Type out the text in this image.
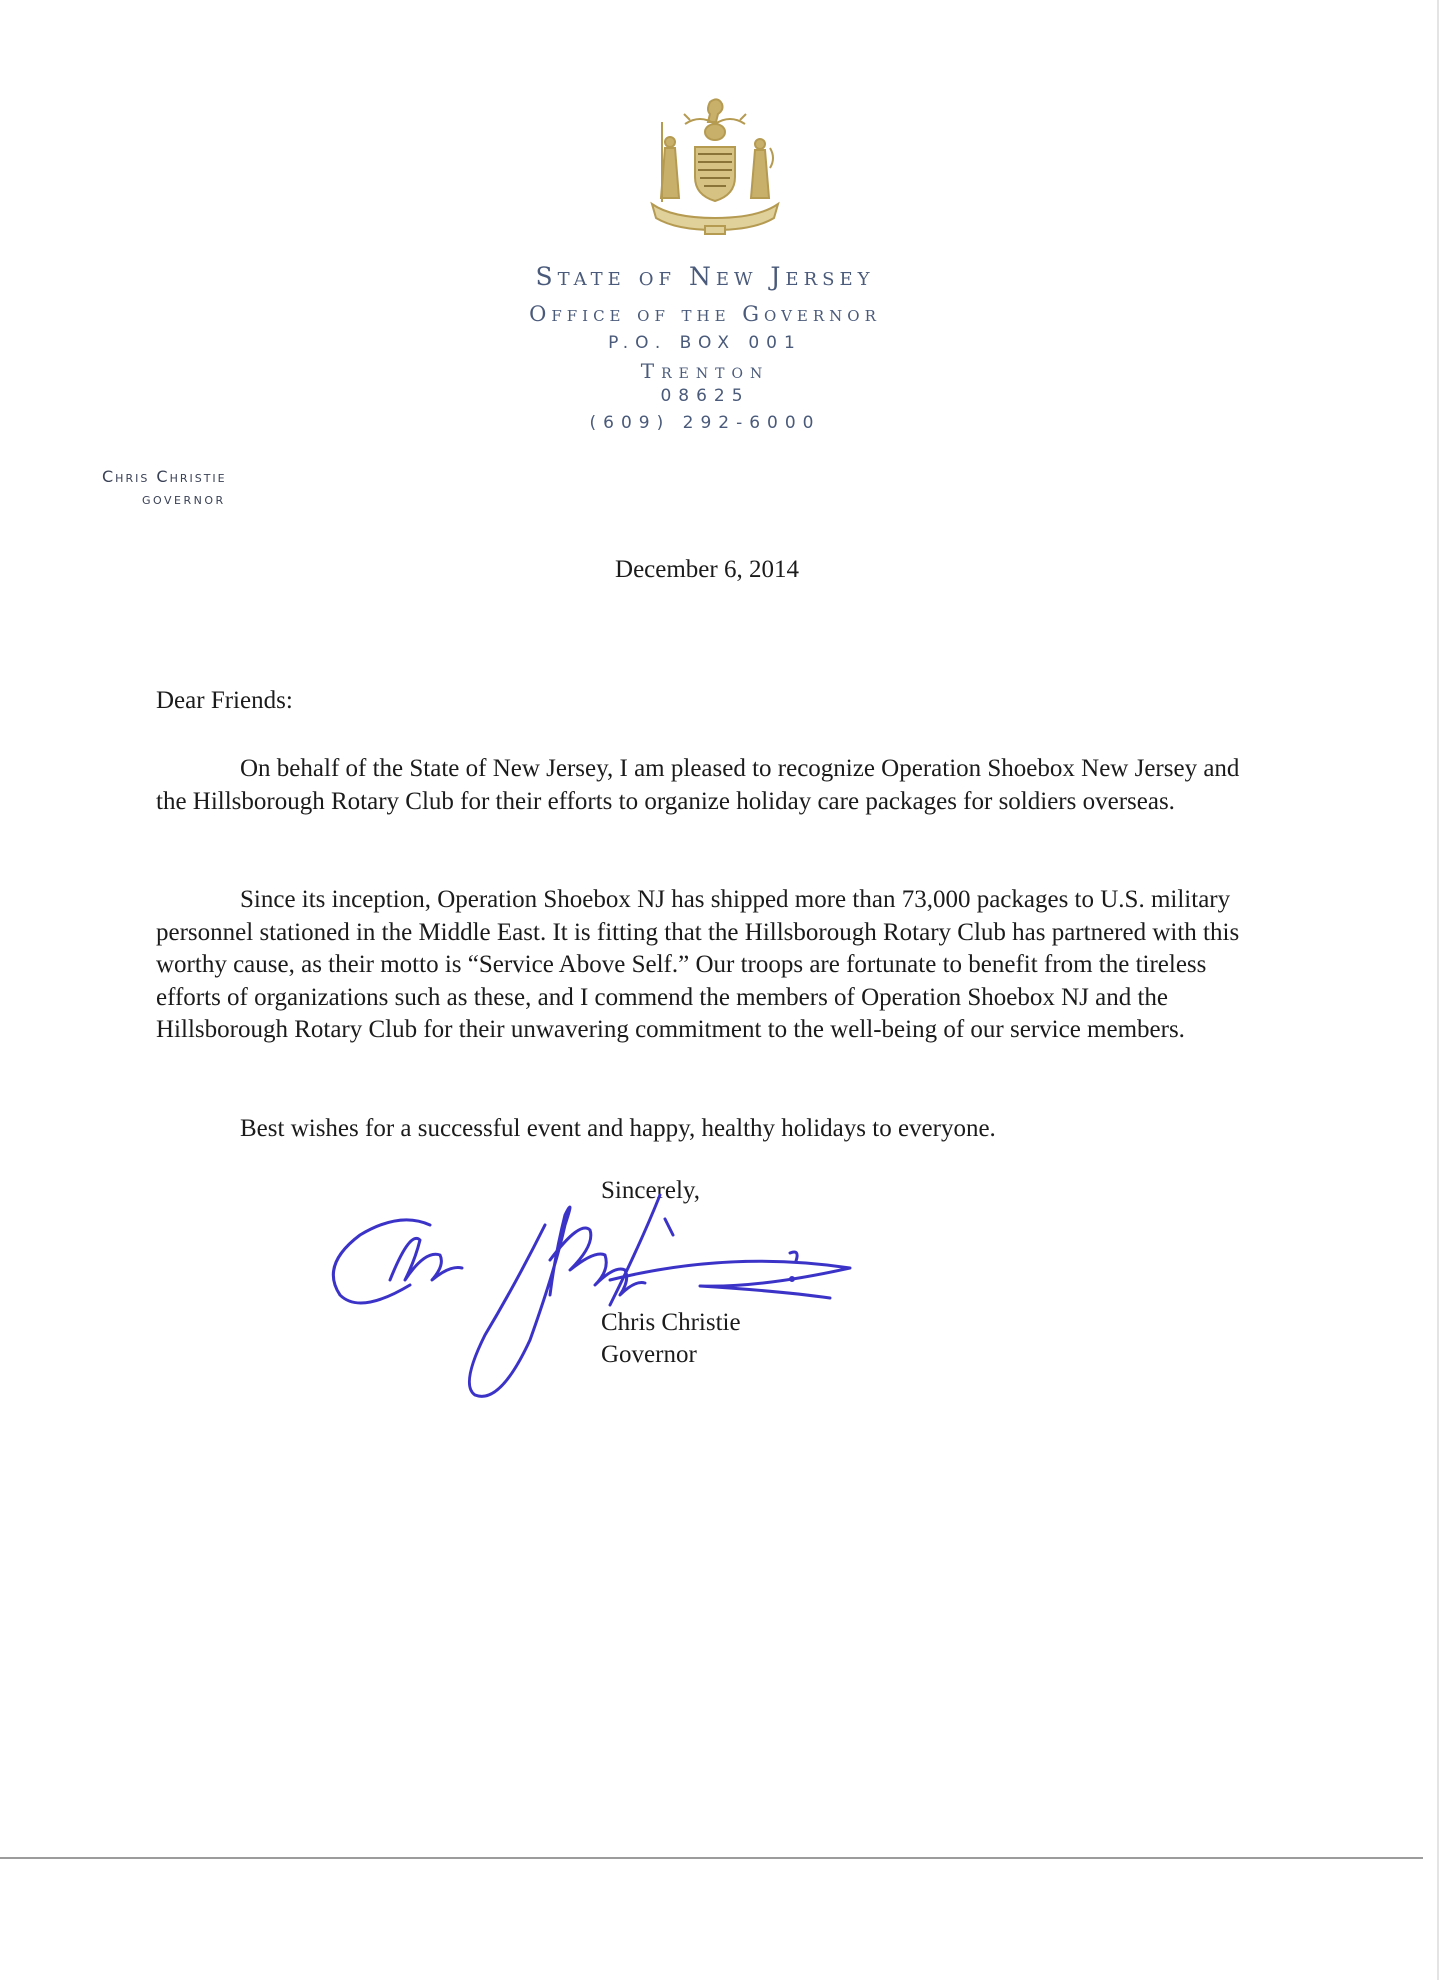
State of New Jersey
Office of the Governor
P.O. BOX 001
Trenton
08625
(609) 292-6000
Chris Christie
GOVERNOR
December 6, 2014
Dear Friends:

On behalf of the State of New Jersey, I am pleased to recognize Operation Shoebox New Jersey and the Hillsborough Rotary Club for their efforts to organize holiday care packages for soldiers overseas.

Since its inception, Operation Shoebox NJ has shipped more than 73,000 packages to U.S. military personnel stationed in the Middle East. It is fitting that the Hillsborough Rotary Club has partnered with this worthy cause, as their motto is “Service Above Self.” Our troops are fortunate to benefit from the tireless efforts of organizations such as these, and I commend the members of Operation Shoebox NJ and the Hillsborough Rotary Club for their unwavering commitment to the well-being of our service members.

Best wishes for a successful event and happy, healthy holidays to everyone.

Sincerely,
Chris Christie
Governor
